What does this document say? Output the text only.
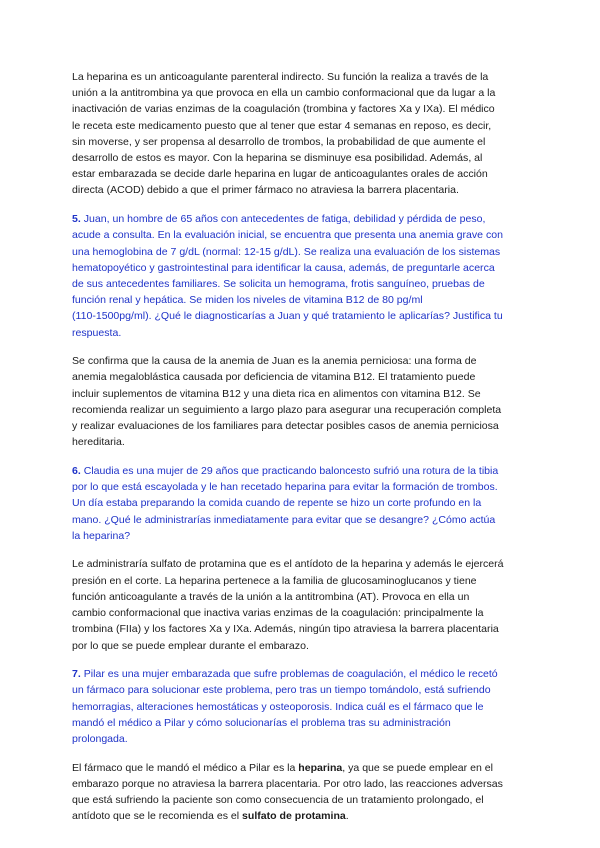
La heparina es un anticoagulante parenteral indirecto. Su función la realiza a través de la
unión a la antitrombina ya que provoca en ella un cambio conformacional que da lugar a la
inactivación de varias enzimas de la coagulación (trombina y factores Xa y IXa). El médico
le receta este medicamento puesto que al tener que estar 4 semanas en reposo, es decir,
sin moverse, y ser propensa al desarrollo de trombos, la probabilidad de que aumente el
desarrollo de estos es mayor. Con la heparina se disminuye esa posibilidad. Además, al
estar embarazada se decide darle heparina en lugar de anticoagulantes orales de acción
directa (ACOD) debido a que el primer fármaco no atraviesa la barrera placentaria.

5. Juan, un hombre de 65 años con antecedentes de fatiga, debilidad y pérdida de peso,
acude a consulta. En la evaluación inicial, se encuentra que presenta una anemia grave con
una hemoglobina de 7 g/dL (normal: 12-15 g/dL). Se realiza una evaluación de los sistemas
hematopoyético y gastrointestinal para identificar la causa, además, de preguntarle acerca
de sus antecedentes familiares. Se solicita un hemograma, frotis sanguíneo, pruebas de
función renal y hepática. Se miden los niveles de vitamina B12 de 80 pg/ml
(110-1500pg/ml). ¿Qué le diagnosticarías a Juan y qué tratamiento le aplicarías? Justifica tu
respuesta.

Se confirma que la causa de la anemia de Juan es la anemia perniciosa: una forma de
anemia megaloblástica causada por deficiencia de vitamina B12. El tratamiento puede
incluir suplementos de vitamina B12 y una dieta rica en alimentos con vitamina B12. Se
recomienda realizar un seguimiento a largo plazo para asegurar una recuperación completa
y realizar evaluaciones de los familiares para detectar posibles casos de anemia perniciosa
hereditaria.

6. Claudia es una mujer de 29 años que practicando baloncesto sufrió una rotura de la tibia
por lo que está escayolada y le han recetado heparina para evitar la formación de trombos.
Un día estaba preparando la comida cuando de repente se hizo un corte profundo en la
mano. ¿Qué le administrarías inmediatamente para evitar que se desangre? ¿Cómo actúa
la heparina?

Le administraría sulfato de protamina que es el antídoto de la heparina y además le ejercerá
presión en el corte. La heparina pertenece a la familia de glucosaminoglucanos y tiene
función anticoagulante a través de la unión a la antitrombina (AT). Provoca en ella un
cambio conformacional que inactiva varias enzimas de la coagulación: principalmente la
trombina (FIIa) y los factores Xa y IXa. Además, ningún tipo atraviesa la barrera placentaria
por lo que se puede emplear durante el embarazo.

7. Pilar es una mujer embarazada que sufre problemas de coagulación, el médico le recetó
un fármaco para solucionar este problema, pero tras un tiempo tomándolo, está sufriendo
hemorragias, alteraciones hemostáticas y osteoporosis. Indica cuál es el fármaco que le
mandó el médico a Pilar y cómo solucionarías el problema tras su administración
prolongada.

El fármaco que le mandó el médico a Pilar es la heparina, ya que se puede emplear en el
embarazo porque no atraviesa la barrera placentaria. Por otro lado, las reacciones adversas
que está sufriendo la paciente son como consecuencia de un tratamiento prolongado, el
antídoto que se le recomienda es el sulfato de protamina.
